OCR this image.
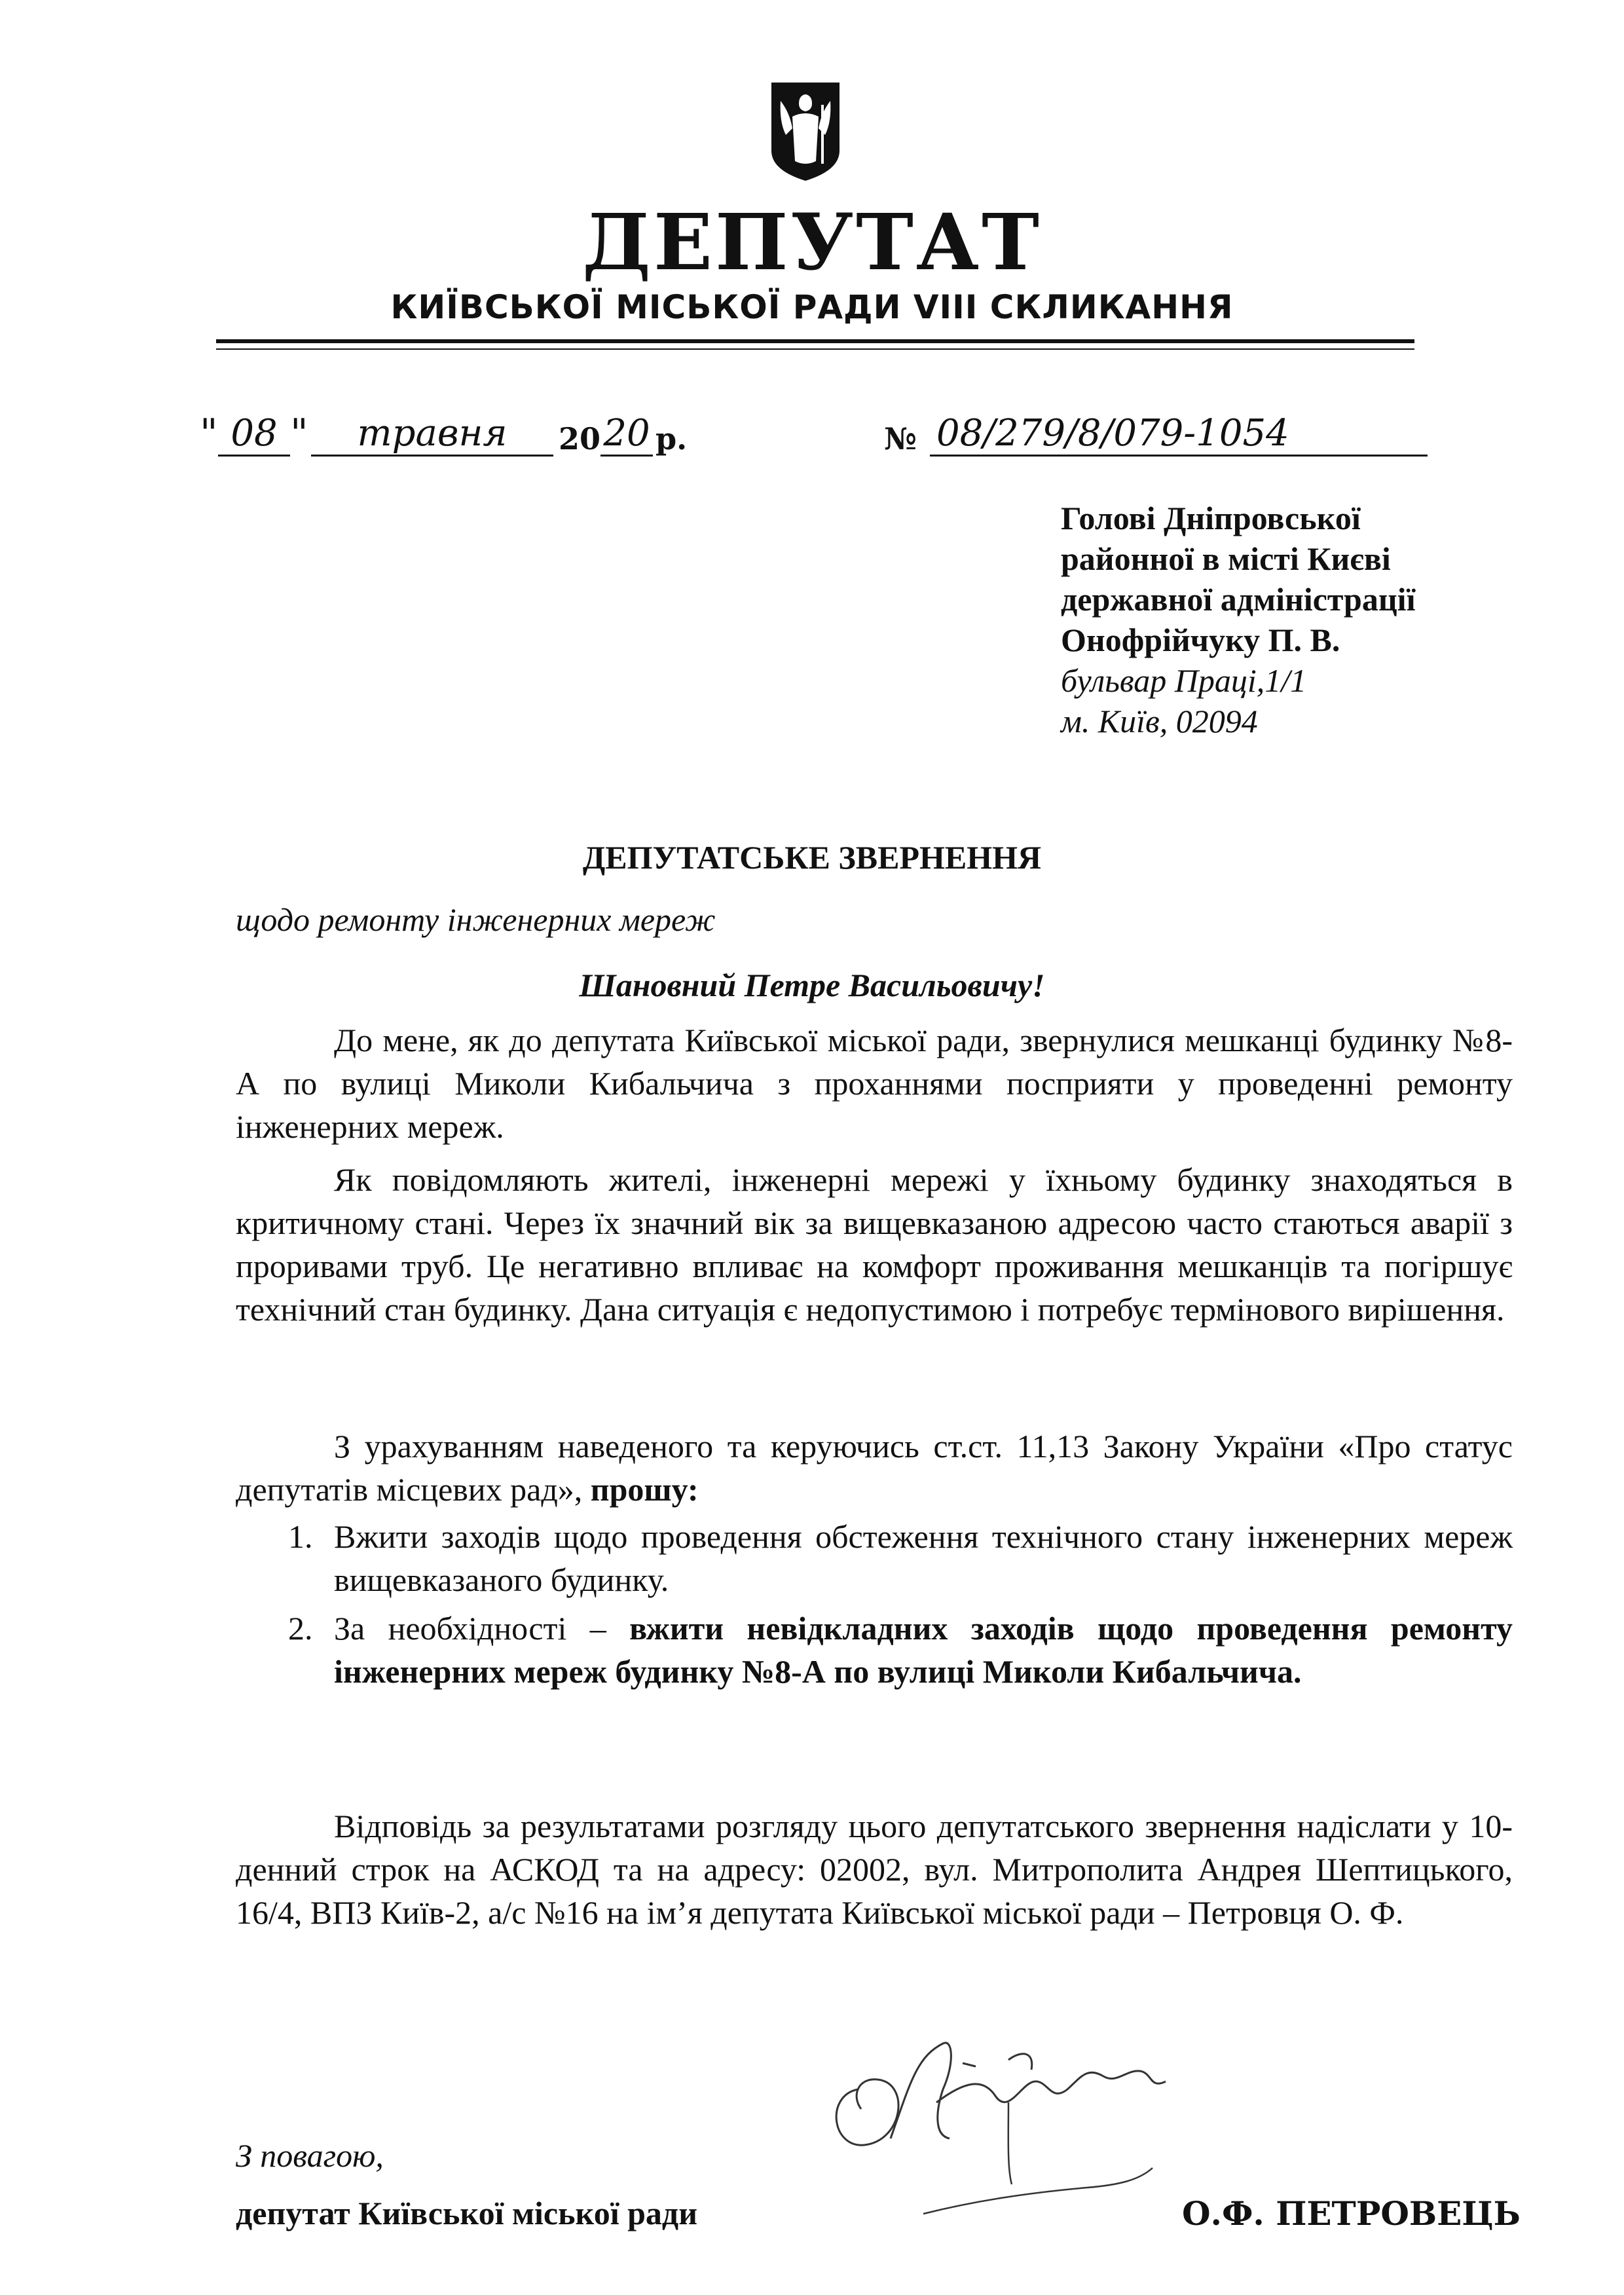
ДЕПУТАТ
КИЇВСЬКОЇ МІСЬКОЇ РАДИ VIII СКЛИКАННЯ
" 08 "	травня	20 20 р.	№ 08/279/8/079-1054
Голові Дніпровської
районної в місті Києві
державної адміністрації
Онофрійчуку П. В.
бульвар Праці,1/1
м. Київ, 02094
ДЕПУТАТСЬКЕ ЗВЕРНЕННЯ
щодо ремонту інженерних мереж
Шановний Петре Васильовичу!

До мене, як до депутата Київської міської ради, звернулися мешканці будинку №8-А по вулиці Миколи Кибальчича з проханнями посприяти у проведенні ремонту інженерних мереж.

Як повідомляють жителі, інженерні мережі у їхньому будинку знаходяться в критичному стані. Через їх значний вік за вищевказаною адресою часто стаються аварії з проривами труб. Це негативно впливає на комфорт проживання мешканців та погіршує технічний стан будинку. Дана ситуація є недопустимою і потребує термінового вирішення.

З урахуванням наведеного та керуючись ст.ст. 11,13 Закону України «Про статус депутатів місцевих рад», прошу:

1. Вжити заходів щодо проведення обстеження технічного стану інженерних мереж вищевказаного будинку.
2. За необхідності – вжити невідкладних заходів щодо проведення ремонту інженерних мереж будинку №8-А по вулиці Миколи Кибальчича.

Відповідь за результатами розгляду цього депутатського звернення надіслати у 10-денний строк на АСКОД та на адресу: 02002, вул. Митрополита Андрея Шептицького, 16/4, ВПЗ Київ-2, а/с №16 на ім’я депутата Київської міської ради – Петровця О. Ф.

З повагою,
депутат Київської міської ради	О.Ф. ПЕТРОВЕЦЬ
